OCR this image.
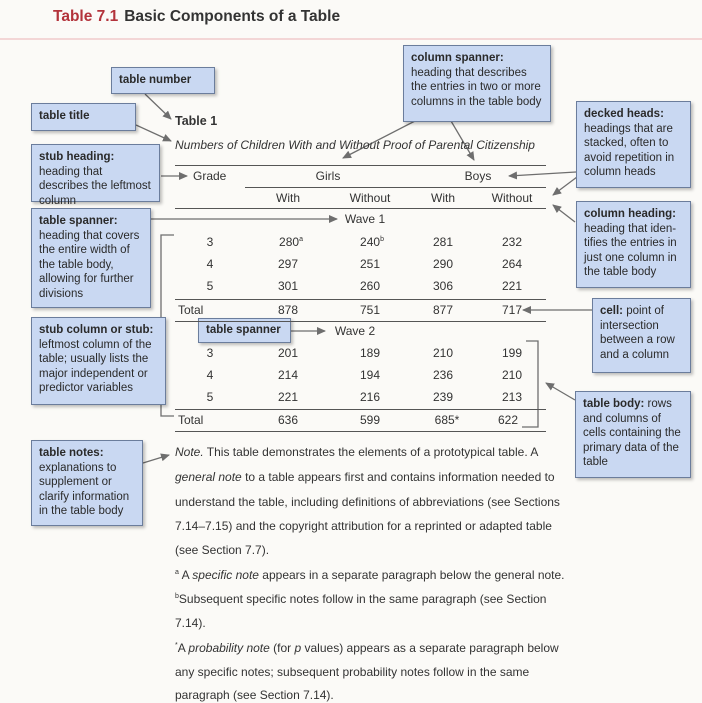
Table 7.1 Basic Components of a Table
table number
table title
stub heading: heading that describes the leftmost column
table spanner:
heading that covers the entire width of the table body, allowing for further divisions
stub column or stub:
leftmost column of the table; usually lists the major independent or predictor variables
table spanner
table notes:
explanations to supplement or clarify information in the table body
column spanner:
heading that describes the entries in two or more columns in the table body
decked heads:
headings that are stacked, often to avoid repetition in column heads
column heading:
heading that iden-tifies the entries in just one column in the table body
cell: point of intersection between a row and a column
table body: rows and columns of cells containing the primary data of the table
Table 1
Numbers of Children With and Without Proof of Parental Citizenship
Grade	Girls	Boys
With	Without	With	Without
Wave 1
3	280$^a$	240$^b$	281	232
4	297	251	290	264
5	301	260	306	221
Total	878	751	877	717
Wave 2
3	201	189	210	199
4	214	194	236	210
5	221	216	239	213
Total	636	599	685*	622
Note. This table demonstrates the elements of a prototypical table. A
general note to a table appears first and contains information needed to
understand the table, including definitions of abbreviations (see Sections
7.14–7.15) and the copyright attribution for a reprinted or adapted table
(see Section 7.7).
$^a$ A specific note appears in a separate paragraph below the general note.
$^b$Subsequent specific notes follow in the same paragraph (see Section
7.14).
*A probability note (for p values) appears as a separate paragraph below
any specific notes; subsequent probability notes follow in the same
paragraph (see Section 7.14).
